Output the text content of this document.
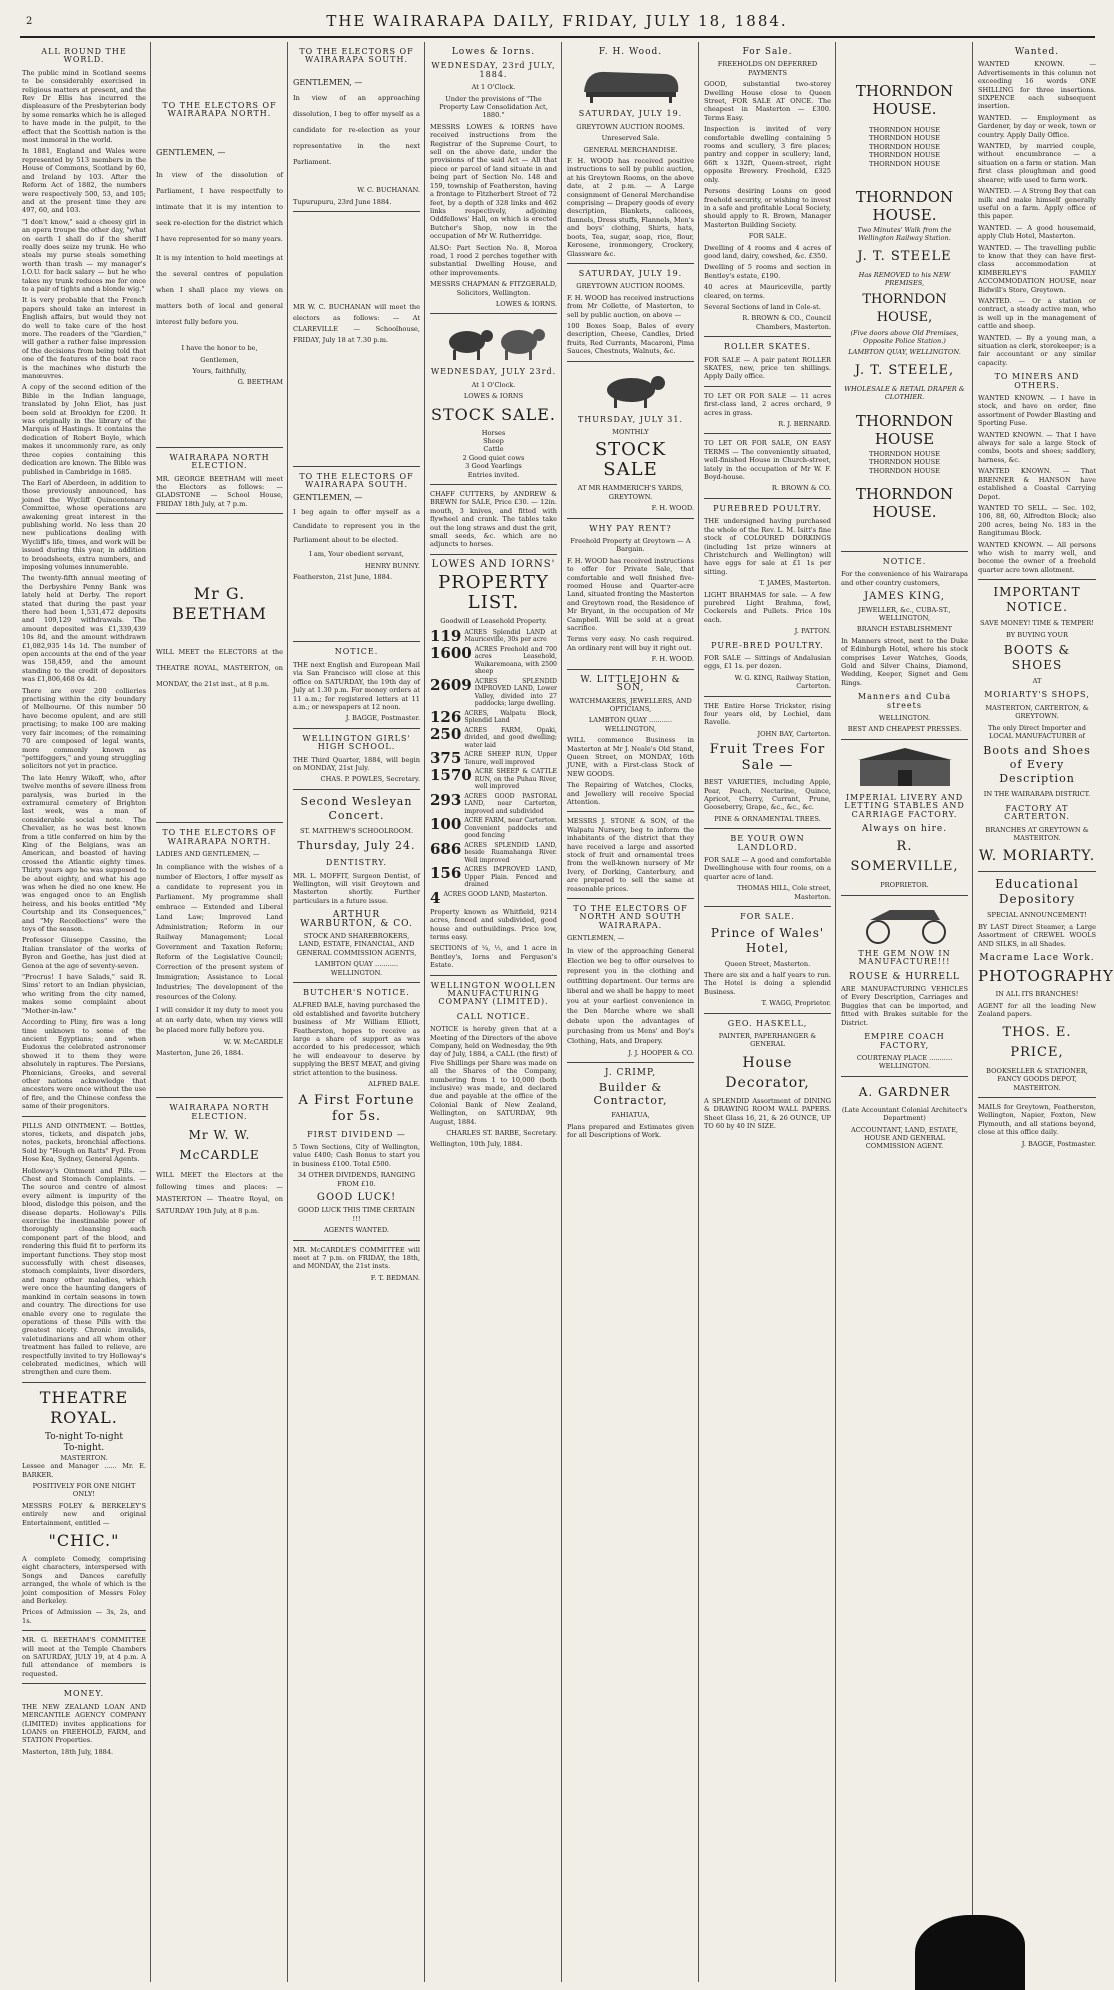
2	THE WAIRARAPA DAILY, FRIDAY, JULY 18, 1884.
ALL ROUND THE WORLD.

The public mind in Scotland seems to be considerably exercised in religious matters at present, and the Rev Dr Ellis has incurred the displeasure of the Presbyterian body by some remarks which he is alleged to have made in the pulpit, to the effect that the Scottish nation is the most immoral in the world.

In 1881, England and Wales were represented by 513 members in the House of Commons, Scotland by 60, and Ireland by 103. After the Reform Act of 1882, the numbers were respectively 500, 53, and 105; and at the present time they are 497, 60, and 103.

"I don't know," said a cheesy girl in an opera troupe the other day, "what on earth I shall do if the sheriff really does seize my trunk. He who steals my purse steals something worth than trash — my manager's I.O.U. for back salary — but he who takes my trunk reduces me for once to a pair of tights and a blonde wig."

It is very probable that the French papers should take an interest in English affairs, but would they not do well to take care of the host more. The readers of the "Gardien," will gather a rather false impression of the decisions from being told that one of the features of the boat race is the machines who disturb the manœuvres.

A copy of the second edition of the Bible in the Indian language, translated by John Eliot, has just been sold at Brooklyn for £200. It was originally in the library of the Marquis of Hastings. It contains the dedication of Robert Boyle, which makes it uncommonly rare, as only three copies containing this dedication are known. The Bible was published in Cambridge in 1685.

The Earl of Aberdeen, in addition to those previously announced, has joined the Wycliff Quincentenary Committee, whose operations are awakening great interest in the publishing world. No less than 20 new publications dealing with Wycliff's life, times, and work will be issued during this year, in addition to broadsheets, extra numbers, and imposing volumes innumerable.

The twenty-fifth annual meeting of the Derbyshire Penny Bank was lately held at Derby. The report stated that during the past year there had been 1,531,472 deposits and 109,129 withdrawals. The amount deposited was £1,339,439 10s 8d, and the amount withdrawn £1,082,935 14s 1d. The number of open accounts at the end of the year was 158,459, and the amount standing to the credit of depositors was £1,806,468 0s 4d.

There are over 200 collieries practising within the city boundary of Melbourne. Of this number 50 have become opulent, and are still practising; to make 100 are making very fair incomes; of the remaining 70 are composed of legal wants, more commonly known as "pettifoggers," and young struggling solicitors not yet in practice.

The late Henry Wikoff, who, after twelve months of severe illness from paralysis, was buried in the extramural cemetery of Brighton last week, was a man of considerable social note. The Chevalier, as he was best known from a title conferred on him by the King of the Belgians, was an American, and boasted of having crossed the Atlantic eighty times. Thirty years ago he was supposed to be about eighty, and what his age was when he died no one knew. He was engaged once to an English heiress, and his books entitled "My Courtship and its Consequences," and "My Recollections" were the toys of the season.

Professor Giuseppe Cassino, the Italian translator of the works of Byron and Goethe, has just died at Genoa at the age of seventy-seven.

"Procrus! I have Salads," said R. Sims' retort to an Indian physician, who writing from the city named, makes some complaint about "Mother-in-law."

According to Pliny, fire was a long time unknown to some of the ancient Egyptians; and when Eudoxus the celebrated astronomer showed it to them they were absolutely in raptures. The Persians, Phœnicians, Greeks, and several other nations acknowledge that ancestors were once without the use of fire, and the Chinese confess the same of their progenitors.

PILLS AND OINTMENT. — Bottles, stores, tickets, and dispatch jobs, notes, packets, bronchial affections. Sold by "Hough on Ratts" Fyd. From Hose Kea, Sydney, General Agents.

Holloway's Ointment and Pills. — Chest and Stomach Complaints. — The source and centre of almost every ailment is impurity of the blood, dislodge this poison, and the disease departs. Holloway's Pills exercise the inestimable power of thoroughly cleansing each component part of the blood, and rendering this fluid fit to perform its important functions. They stop most successfully with chest diseases, stomach complaints, liver disorders, and many other maladies, which were once the haunting dangers of mankind in certain seasons in town and country. The directions for use enable every one to regulate the operations of these Pills with the greatest nicety. Chronic invalids, valetudinarians and all whom other treatment has failed to relieve, are respectfully invited to try Holloway's celebrated medicines, which will strengthen and cure them.

THEATRE ROYAL.
To-night To-night
To-night.
MASTERTON.

Lessee and Manager ...... Mr. E. BARKER.

POSITIVELY FOR ONE NIGHT ONLY!

MESSRS FOLEY & BERKELEY'S entirely new and original Entertainment, entitled —

"CHIC."

A complete Comedy, comprising eight characters, interspersed with Songs and Dances carefully arranged, the whole of which is the joint composition of Messrs Foley and Berkeley.

Prices of Admission — 3s, 2s, and 1s.

MR. G. BEETHAM'S COMMITTEE will meet at the Temple Chambers on SATURDAY, JULY 19, at 4 p.m. A full attendance of members is requested.

MONEY.

THE NEW ZEALAND LOAN AND MERCANTILE AGENCY COMPANY (LIMITED) invites applications for LOANS on FREEHOLD, FARM, and STATION Properties.

Masterton, 18th July, 1884.

TO THE ELECTORS OF WAIRARAPA NORTH.

GENTLEMEN, —

In view of the dissolution of Parliament, I have respectfully to intimate that it is my intention to seek re-election for the district which I have represented for so many years.

It is my intention to hold meetings at the several centres of population when I shall place my views on matters both of local and general interest fully before you.

I have the honor to be,

Gentlemen,

Yours, faithfully,

G. BEETHAM

WAIRARAPA NORTH ELECTION.

MR. GEORGE BEETHAM will meet the Electors as follows: — GLADSTONE — School House, FRIDAY 18th July, at 7 p.m.

Mr G. BEETHAM

WILL MEET the ELECTORS at the THEATRE ROYAL, MASTERTON, on MONDAY, the 21st inst., at 8 p.m.

TO THE ELECTORS OF WAIRARAPA NORTH.

LADIES AND GENTLEMEN, —

In compliance with the wishes of a number of Electors, I offer myself as a candidate to represent you in Parliament. My programme shall embrace — Extended and Liberal Land Law; Improved Land Administration; Reform in our Railway Management; Local Government and Taxation Reform; Reform of the Legislative Council; Correction of the present system of Immigration; Assistance to Local Industries; The development of the resources of the Colony.

I will consider it my duty to meet you at an early date, when my views will be placed more fully before you.

W. W. McCARDLE

Masterton, June 26, 1884.

WAIRARAPA NORTH ELECTION.
Mr W. W. McCARDLE

WILL MEET the Electors at the following times and places: — MASTERTON — Theatre Royal, on SATURDAY 19th July, at 8 p.m.

TO THE ELECTORS OF WAIRARAPA SOUTH.

GENTLEMEN, —

In view of an approaching dissolution, I beg to offer myself as a candidate for re-election as your representative in the next Parliament.

W. C. BUCHANAN.

Tupurupuru, 23rd June 1884.

MR W. C. BUCHANAN will meet the electors as follows: — At CLAREVILLE — Schoolhouse, FRIDAY, July 18 at 7.30 p.m.

TO THE ELECTORS OF WAIRARAPA SOUTH.

GENTLEMEN, —

I beg again to offer myself as a Candidate to represent you in the Parliament about to be elected.

I am, Your obedient servant,

HENRY BUNNY.

Featherston, 21st June, 1884.

NOTICE.

THE next English and European Mail via San Francisco will close at this office on SATURDAY, the 19th day of July at 1.30 p.m. For money orders at 11 a.m.; for registered letters at 11 a.m.; or newspapers at 12 noon.

J. BAGGE, Postmaster.

WELLINGTON GIRLS' HIGH SCHOOL.

THE Third Quarter, 1884, will begin on MONDAY, 21st July.

CHAS. P. POWLES, Secretary.

Second Wesleyan Concert.

ST. MATTHEW'S SCHOOLROOM.

Thursday, July 24.
DENTISTRY.

MR. L. MOFFIT, Surgeon Dentist, of Wellington, will visit Greytown and Masterton shortly. Further particulars in a future issue.

ARTHUR WARBURTON, & CO.

STOCK AND SHAREBROKERS, LAND, ESTATE, FINANCIAL, AND GENERAL COMMISSION AGENTS,

LAMBTON QUAY ........... WELLINGTON.

BUTCHER'S NOTICE.

ALFRED BALE, having purchased the old established and favorite butchery business of Mr William Elliott, Featherston, hopes to receive as large a share of support as was accorded to his predecessor, which he will endeavour to deserve by supplying the BEST MEAT, and giving strict attention to the business.

ALFRED BALE.

A First Fortune for 5s.
FIRST DIVIDEND —

5 Town Sections, City of Wellington, value £400; Cash Bonus to start you in business £100. Total £500.

34 OTHER DIVIDENDS, RANGING FROM £10.

GOOD LUCK!

GOOD LUCK THIS TIME CERTAIN !!!

AGENTS WANTED.

MR. McCARDLE'S COMMITTEE will meet at 7 p.m. on FRIDAY, the 18th, and MONDAY, the 21st insts.

F. T. BEDMAN.

Lowes & Iorns.
WEDNESDAY, 23rd JULY, 1884.

At 1 O'Clock.

Under the provisions of "The Property Law Consolidation Act, 1880."

MESSRS LOWES & IORNS have received instructions from the Registrar of the Supreme Court, to sell on the above date, under the provisions of the said Act — All that piece or parcel of land situate in and being part of Section No. 148 and 159, township of Featherston, having a frontage to Fitzherbert Street of 72 feet, by a depth of 328 links and 462 links respectively, adjoining Oddfellows' Hall, on which is erected Butcher's Shop, now in the occupation of Mr W. Rutherridge.

ALSO: Part Section No. 8, Moroa road, 1 rood 2 perches together with substantial Dwelling House, and other improvements.

MESSRS CHAPMAN & FITZGERALD, Solicitors, Wellington.

LOWES & IORNS.

WEDNESDAY, JULY 23rd.

At 1 O'Clock.

LOWES & IORNS

STOCK SALE.
Horses
Sheep
Cattle
2 Good quiet cows
3 Good Yearlings

Entries invited.

CHAFF CUTTERS, by ANDREW & BREWN for SALE, Price £30. — 12in. mouth, 3 knives, and fitted with flywheel and crank. The tables take out the long straws and dust the grit, small seeds, &c. which are no adjuncts to horses.

LOWES AND IORNS'
PROPERTY LIST.

Goodwill of Leasehold Property.

119 ACRES Splendid LAND at Mauriceville, 30s per acre
1600 ACRES Freehold and 700 acres Leasehold, Waikaremoana, with 2500 sheep
2609 ACRES SPLENDID IMPROVED LAND, Lower Valley, divided into 27 paddocks; large dwelling.
126 ACRES, Walpatu Block, Splendid Land
250 ACRES FARM, Opaki, divided, and good dwelling; water laid
375 ACRE SHEEP RUN, Upper Tenure, well improved
1570 ACRE SHEEP & CATTLE RUN, on the Puhau River, well improved
293 ACRES GOOD PASTORAL LAND, near Carterton, improved and subdivided
100 ACRE FARM, near Carterton. Convenient paddocks and good fencing
686 ACRES SPLENDID LAND, beside Ruamahanga River. Well improved
156 ACRES IMPROVED LAND, Upper Plain. Fenced and drained
4 ACRES GOOD LAND, Masterton.

Property known as Whitfield, 9214 acres, fenced and subdivided, good house and outbuildings. Price low, terms easy.

SECTIONS of ¼, ½, and 1 acre in Bentley's, Iorns and Ferguson's Estate.

WELLINGTON WOOLLEN MANUFACTURING COMPANY (LIMITED).
CALL NOTICE.

NOTICE is hereby given that at a Meeting of the Directors of the above Company, held on Wednesday, the 9th day of July, 1884, a CALL (the first) of Five Shillings per Share was made on all the Shares of the Company, numbering from 1 to 10,000 (both inclusive) was made, and declared due and payable at the office of the Colonial Bank of New Zealand, Wellington, on SATURDAY, 9th August, 1884.

CHARLES ST. BARBE, Secretary.

Wellington, 10th July, 1884.

F. H. Wood.
SATURDAY, JULY 19.

GREYTOWN AUCTION ROOMS.

Unreserved Sale.

GENERAL MERCHANDISE.

F. H. WOOD has received positive instructions to sell by public auction, at his Greytown Rooms, on the above date, at 2 p.m. — A Large consignment of General Merchandise comprising — Drapery goods of every description, Blankets, calicoes, flannels, Dress stuffs, Flannels, Men's and boys' clothing, Shirts, hats, boots, Tea, sugar, soap, rice, flour, Kerosene, ironmongery, Crockery, Glassware &c.

SATURDAY, JULY 19.

GREYTOWN AUCTION ROOMS.

F. H. WOOD has received instructions from Mr Collette, of Masterton, to sell by public auction, on above —

100 Boxes Soap, Bales of every description, Cheese, Candles, Dried fruits, Red Currants, Macaroni, Pima Sauces, Chestnuts, Walnuts, &c.

THURSDAY, JULY 31.

MONTHLY

STOCK SALE

AT MR HAMMERICH'S YARDS, GREYTOWN.

F. H. WOOD.

WHY PAY RENT?

Freehold Property at Greytown — A Bargain.

F. H. WOOD has received instructions to offer for Private Sale, that comfortable and well finished five-roomed House and Quarter-acre Land, situated fronting the Masterton and Greytown road, the Residence of Mr Bryant, in the occupation of Mr Campbell. Will be sold at a great sacrifice.

Terms very easy. No cash required. An ordinary rent will buy it right out.

F. H. WOOD.

W. LITTLEJOHN & SON,

WATCHMAKERS, JEWELLERS, AND OPTICIANS,

LAMBTON QUAY ........... WELLINGTON,

WILL commence Business in Masterton at Mr J. Neale's Old Stand, Queen Street, on MONDAY, 16th JUNE, with a First-class Stock of NEW GOODS.

The Repairing of Watches, Clocks, and Jewellery will receive Special Attention.

MESSRS J. STONE & SON, of the Walpatu Nursery, beg to inform the inhabitants of the district that they have received a large and assorted stock of fruit and ornamental trees from the well-known nursery of Mr Ivery, of Dorking, Canterbury, and are prepared to sell the same at reasonable prices.

TO THE ELECTORS OF NORTH AND SOUTH WAIRARAPA.

GENTLEMEN, —

In view of the approaching General Election we beg to offer ourselves to represent you in the clothing and outfitting department. Our terms are liberal and we shall be happy to meet you at your earliest convenience in the Den Marche where we shall debate upon the advantages of purchasing from us Mens' and Boy's Clothing, Hats, and Drapery.

J. J. HOOPER & CO.

J. CRIMP,
Builder & Contractor,

FAHIATUA,

Plans prepared and Estimates given for all Descriptions of Work.

For Sale.

FREEHOLDS ON DEFERRED PAYMENTS

GOOD, substantial two-storey Dwelling House close to Queen Street, FOR SALE AT ONCE. The cheapest in Masterton — £300. Terms Easy.

Inspection is invited of very comfortable dwelling containing 5 rooms and scullery, 3 fire places; pantry and copper in scullery; land, 66ft x 132ft, Queen-street, right opposite Brewery. Freehold, £325 only.

Persons desiring Loans on good freehold security, or wishing to invest in a safe and profitable Local Society, should apply to R. Brown, Manager Masterton Building Society.

FOR SALE.

Dwelling of 4 rooms and 4 acres of good land, dairy, cowshed, &c. £350.

Dwelling of 5 rooms and section in Bentley's estate, £190.

40 acres at Mauriceville, partly cleared, on terms.

Several Sections of land in Cole-st.

R. BROWN & CO., Council Chambers, Masterton.

ROLLER SKATES.

FOR SALE — A pair patent ROLLER SKATES, new, price ten shillings. Apply Daily office.

TO LET OR FOR SALE — 11 acres first-class land, 2 acres orchard, 9 acres in grass.

R. J. BERNARD.

TO LET OR FOR SALE, ON EASY TERMS — The conveniently situated, well-finished House in Church-street, lately in the occupation of Mr W. F. Boyd-house.

R. BROWN & CO.

PUREBRED POULTRY.

THE undersigned having purchased the whole of the Rev. L. M. Isitt's fine stock of COLOURED DORKINGS (including 1st prize winners at Christchurch and Wellington) will have eggs for sale at £1 1s per sitting.

T. JAMES, Masterton.

LIGHT BRAHMAS for sale. — A few purebred Light Brahma, fowl, Cockerels and Pullets. Price 10s each.

J. PATTON.

PURE-BRED POULTRY.

FOR SALE — Sittings of Andalusian eggs, £1 1s. per dozen.

W. G. KING, Railway Station, Carterton.

THE Entire Horse Trickster, rising four years old, by Lochiel, dam Ravelle.

JOHN BAY, Carterton.

Fruit Trees For Sale —

BEST VARIETIES, including Apple, Pear, Peach, Nectarine, Quince, Apricot, Cherry, Currant, Prune, Gooseberry, Grape, &c., &c., &c.

PINE & ORNAMENTAL TREES.

BE YOUR OWN LANDLORD.

FOR SALE — A good and comfortable Dwellinghouse with four rooms, on a quarter acre of land.

THOMAS HILL, Cole street, Masterton.

FOR SALE.
Prince of Wales' Hotel,

Queen Street, Masterton.

There are six and a half years to run. The Hotel is doing a splendid Business.

T. WAGG, Proprietor.

GEO. HASKELL,

PAINTER, PAPERHANGER & GENERAL

House Decorator,

A SPLENDID Assortment of DINING & DRAWING ROOM WALL PAPERS. Sheet Glass 16, 21, & 26 OUNCE, UP TO 60 by 40 IN SIZE.

THORNDON HOUSE.
THORNDON HOUSE
THORNDON HOUSE
THORNDON HOUSE
THORNDON HOUSE
THORNDON HOUSE
THORNDON HOUSE.

Two Minutes' Walk from the Wellington Railway Station.

J. T. STEELE

Has REMOVED to his NEW PREMISES,

THORNDON HOUSE,

(Five doors above Old Premises, Opposite Police Station.)

LAMBTON QUAY, WELLINGTON.

J. T. STEELE,

WHOLESALE & RETAIL DRAPER & CLOTHIER.

THORNDON HOUSE
THORNDON HOUSE
THORNDON HOUSE
THORNDON HOUSE
THORNDON HOUSE.
NOTICE.

For the convenience of his Wairarapa and other country customers,

JAMES KING,

JEWELLER, &c., CUBA-ST., WELLINGTON,

BRANCH ESTABLISHMENT

In Manners street, next to the Duke of Edinburgh Hotel, where his stock comprises Lever Watches, Goods, Gold and Silver Chains, Diamond, Wedding, Keeper, Signet and Gem Rings.

Manners and Cuba streets

WELLINGTON.

BEST AND CHEAPEST PRESSES.

IMPERIAL LIVERY AND LETTING STABLES AND CARRIAGE FACTORY.
Always on hire.
R. SOMERVILLE,

PROPRIETOR.

THE GEM NOW IN MANUFACTURE!!!
ROUSE & HURRELL

ARE MANUFACTURING VEHICLES of Every Description, Carriages and Buggies that can be imported, and fitted with Brakes suitable for the District.

EMPIRE COACH FACTORY,

COURTENAY PLACE ........... WELLINGTON.

A. GARDNER

(Late Accountant Colonial Architect's Department)

ACCOUNTANT, LAND, ESTATE, HOUSE AND GENERAL COMMISSION AGENT.

Wanted.

WANTED KNOWN. — Advertisements in this column not exceeding 16 words ONE SHILLING for three insertions. SIXPENCE each subsequent insertion.

WANTED. — Employment as Gardener, by day or week, town or country. Apply Daily Office.

WANTED, by married couple, without encumbrance — a situation on a farm or station. Man first class ploughman and good shearer; wife used to farm work.

WANTED. — A Strong Boy that can milk and make himself generally useful on a farm. Apply office of this paper.

WANTED. — A good housemaid, apply Club Hotel, Masterton.

WANTED. — The travelling public to know that they can have first-class accommodation at KIMBERLEY'S FAMILY ACCOMMODATION HOUSE, near Bidwill's Store, Greytown.

WANTED. — Or a station or contract, a steady active man, who is well up in the management of cattle and sheep.

WANTED. — By a young man, a situation as clerk, storekeeper; is a fair accountant or any similar capacity.

TO MINERS AND OTHERS.

WANTED KNOWN. — I have in stock, and have on order, fine assortment of Powder Blasting and Sporting Fuse.

WANTED KNOWN. — That I have always for sale a large Stock of combs, boots and shoes; saddlery, harness, &c.

WANTED KNOWN. — That BRENNER & HANSON have established a Coastal Carrying Depot.

WANTED TO SELL. — Sec. 102, 106, 88, 60, Alfredton Block; also 200 acres, being No. 183 in the Rangitumau Block.

WANTED KNOWN. — All persons who wish to marry well, and become the owner of a freehold quarter acre town allotment.

IMPORTANT NOTICE.

SAVE MONEY! TIME & TEMPER!

BY BUYING YOUR

BOOTS & SHOES

AT

MORIARTY'S SHOPS,

MASTERTON, CARTERTON, & GREYTOWN.

The only Direct Importer and LOCAL MANUFACTURER of

Boots and Shoes of Every Description

IN THE WAIRARAPA DISTRICT.

FACTORY AT CARTERTON.

BRANCHES AT GREYTOWN & MASTERTON.

W. MORIARTY.
Educational Depository

SPECIAL ANNOUNCEMENT!

BY LAST Direct Steamer, a Large Assortment of CREWEL WOOLS AND SILKS, in all Shades.

Macrame Lace Work.
PHOTOGRAPHY

IN ALL ITS BRANCHES!

AGENT for all the leading New Zealand papers.

THOS. E. PRICE,

BOOKSELLER & STATIONER, FANCY GOODS DEPOT, MASTERTON.

MAILS for Greytown, Featherston, Wellington, Napier, Foxton, New Plymouth, and all stations beyond, close at this office daily.

J. BAGGE, Postmaster.
